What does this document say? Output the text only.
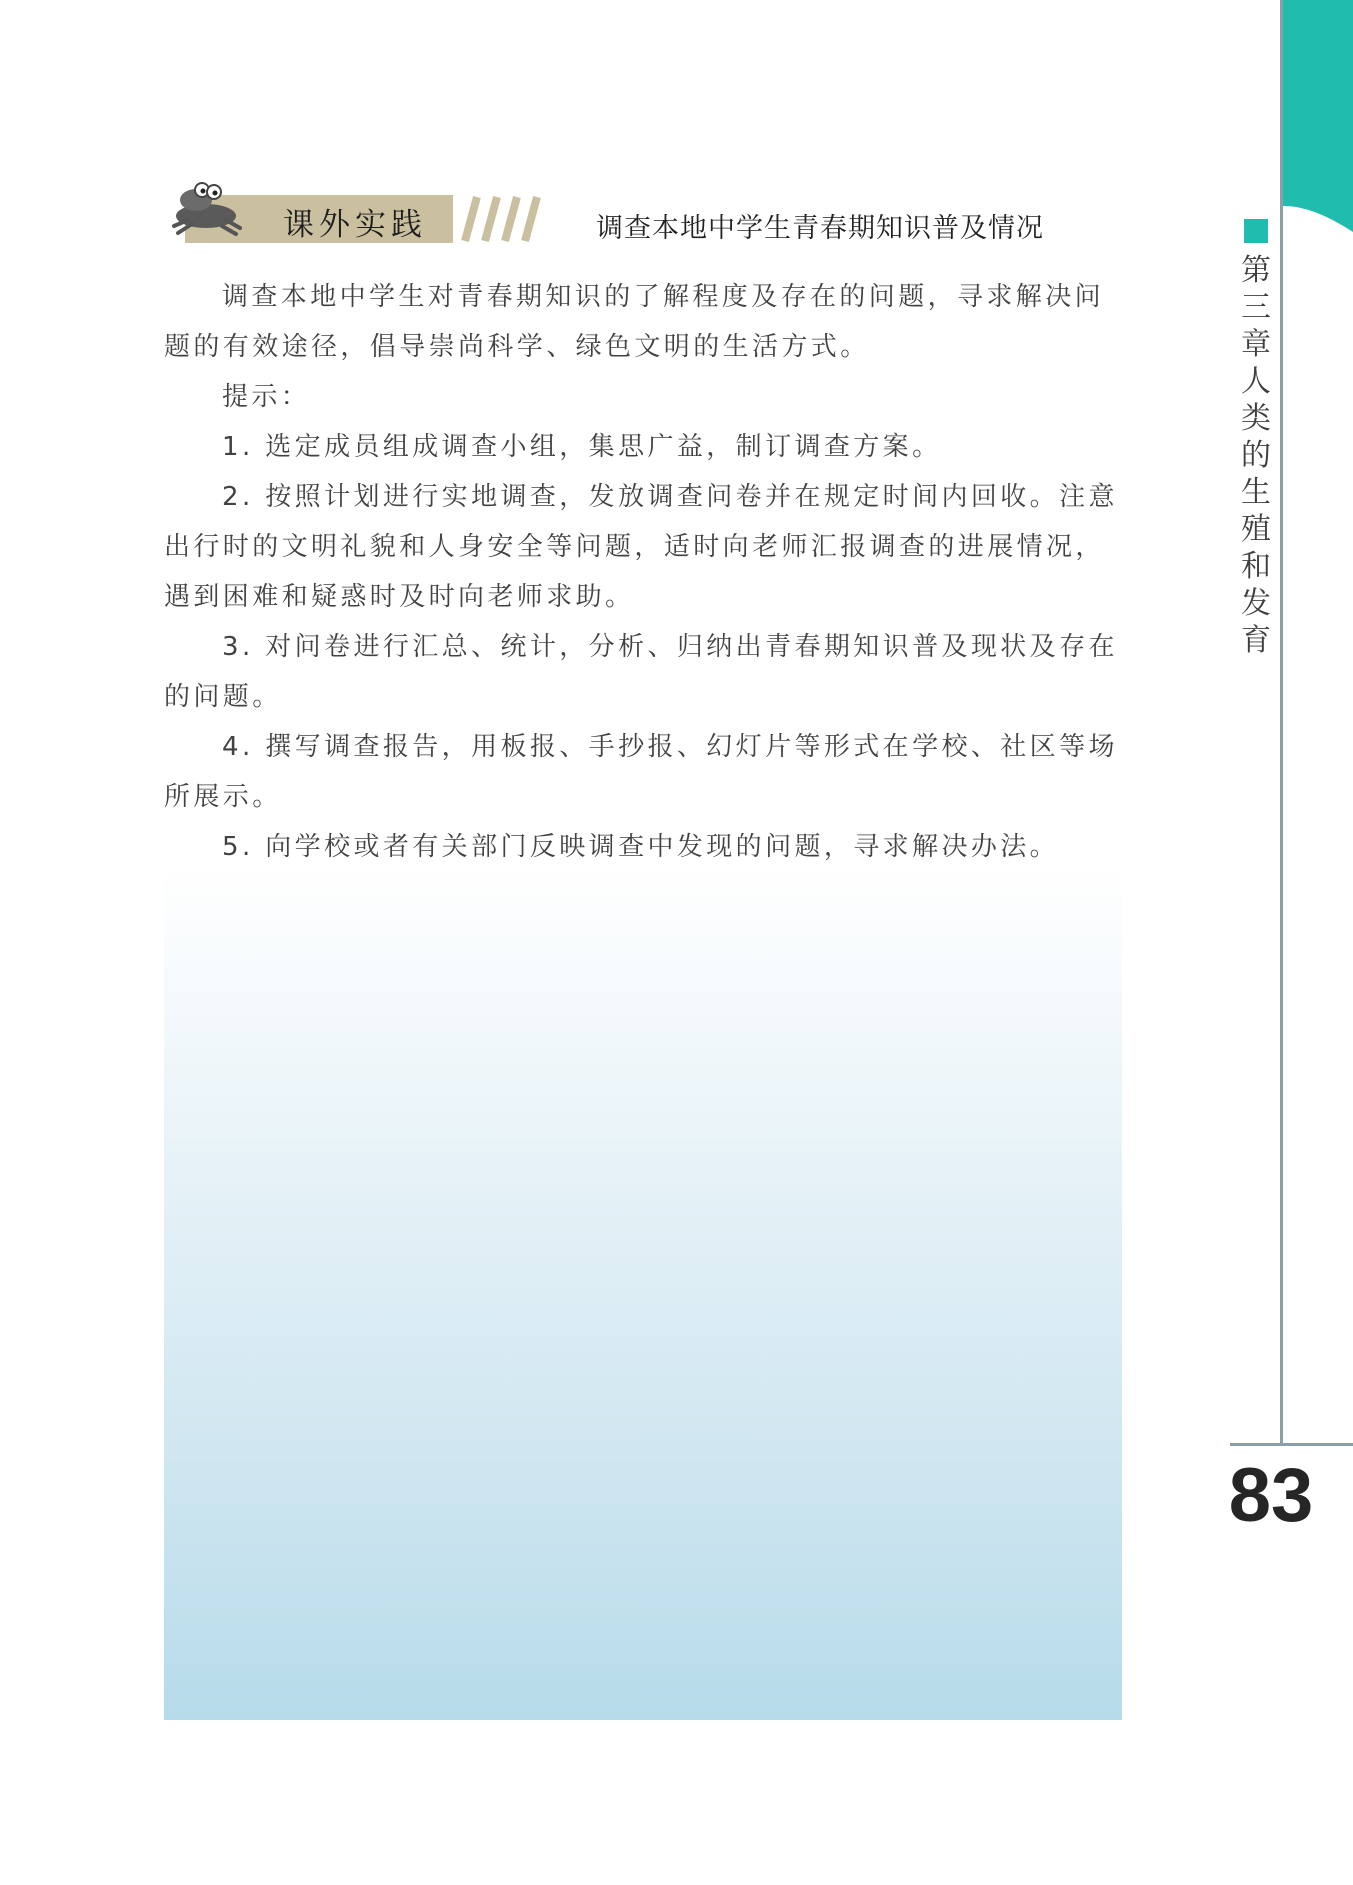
第三章 人类的生殖和发育
83
课外实践	调查本地中学生青春期知识普及情况

调查本地中学生对青春期知识的了解程度及存在的问题，寻求解决问题的有效途径，倡导崇尚科学、绿色文明的生活方式。

提示：

1. 选定成员组成调查小组，集思广益，制订调查方案。

2. 按照计划进行实地调查，发放调查问卷并在规定时间内回收。注意出行时的文明礼貌和人身安全等问题，适时向老师汇报调查的进展情况，遇到困难和疑惑时及时向老师求助。

3. 对问卷进行汇总、统计，分析、归纳出青春期知识普及现状及存在的问题。

4. 撰写调查报告，用板报、手抄报、幻灯片等形式在学校、社区等场所展示。

5. 向学校或者有关部门反映调查中发现的问题，寻求解决办法。
